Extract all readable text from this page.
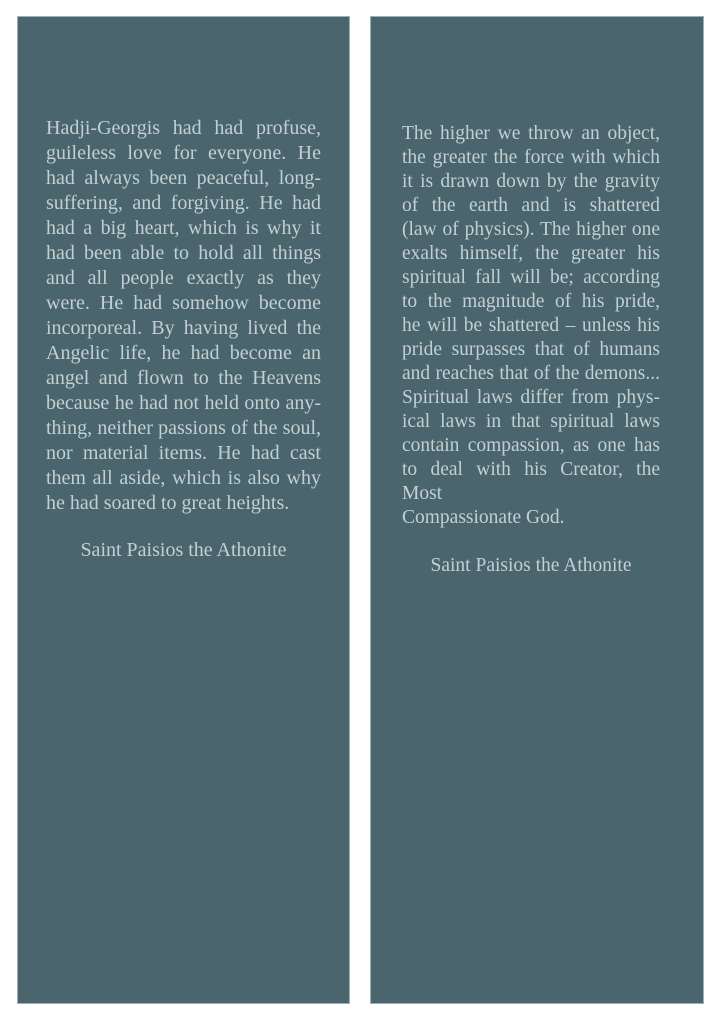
Hadji-Georgis had had profuse,
guileless love for everyone. He
had always been peaceful, long-
suffering, and forgiving. He had
had a big heart, which is why it
had been able to hold all things
and all people exactly as they
were. He had somehow become
incorporeal. By having lived the
Angelic life, he had become an
angel and flown to the Heavens
because he had not held onto any-
thing, neither passions of the soul,
nor material items. He had cast
them all aside, which is also why
he had soared to great heights.
Saint Paisios the Athonite
The higher we throw an object,
the greater the force with which
it is drawn down by the gravity
of the earth and is shattered
(law of physics). The higher one
exalts himself, the greater his
spiritual fall will be; according
to the magnitude of his pride,
he will be shattered – unless his
pride surpasses that of humans
and reaches that of the demons...
Spiritual laws differ from phys-
ical laws in that spiritual laws
contain compassion, as one has
to deal with his Creator, the Most
Compassionate God.
Saint Paisios the Athonite
